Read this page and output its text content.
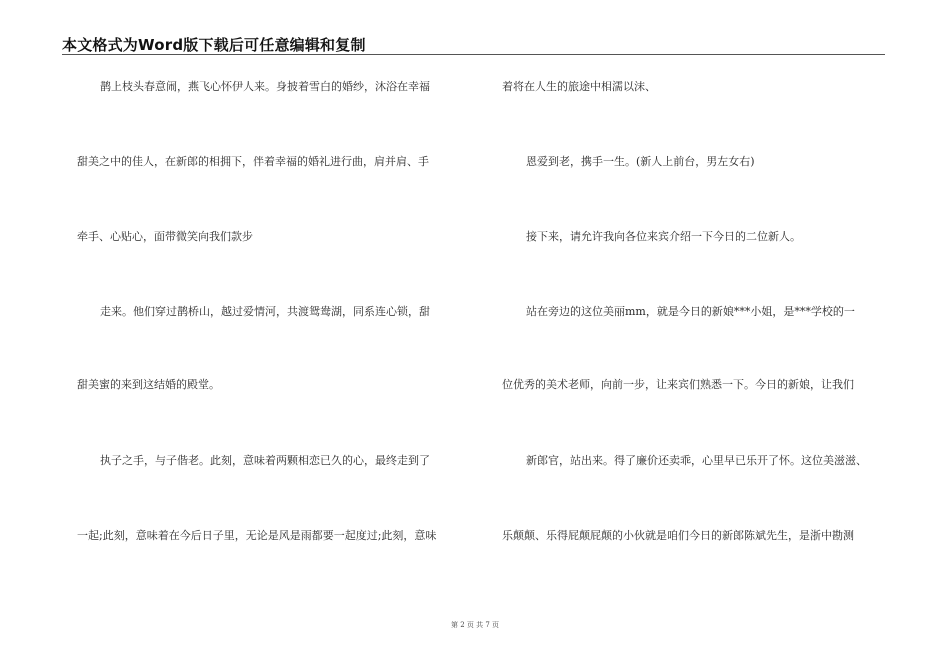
本文格式为Word版下载后可任意编辑和复制
鹊上枝头春意闹，燕飞心怀伊人来。身披着雪白的婚纱，沐浴在幸福
甜美之中的佳人，在新郎的相拥下，伴着幸福的婚礼进行曲，肩并肩、手
牵手、心贴心，面带微笑向我们款步
走来。他们穿过鹊桥山，越过爱情河，共渡鸳鸯湖，同系连心锁，甜
甜美蜜的来到这结婚的殿堂。
执子之手，与子偕老。此刻，意味着两颗相恋已久的心，最终走到了
一起;此刻，意味着在今后日子里，无论是风是雨都要一起度过;此刻，意味
着将在人生的旅途中相濡以沫、
恩爱到老，携手一生。(新人上前台，男左女右)
接下来，请允许我向各位来宾介绍一下今日的二位新人。
站在旁边的这位美丽mm，就是今日的新娘***小姐，是***学校的一
位优秀的美术老师，向前一步，让来宾们熟悉一下。今日的新娘，让我们
新郎官，站出来。得了廉价还卖乖，心里早已乐开了怀。这位美滋滋、
乐颠颠、乐得屁颠屁颠的小伙就是咱们今日的新郎陈斌先生，是浙中勘测
第 2 页 共 7 页
